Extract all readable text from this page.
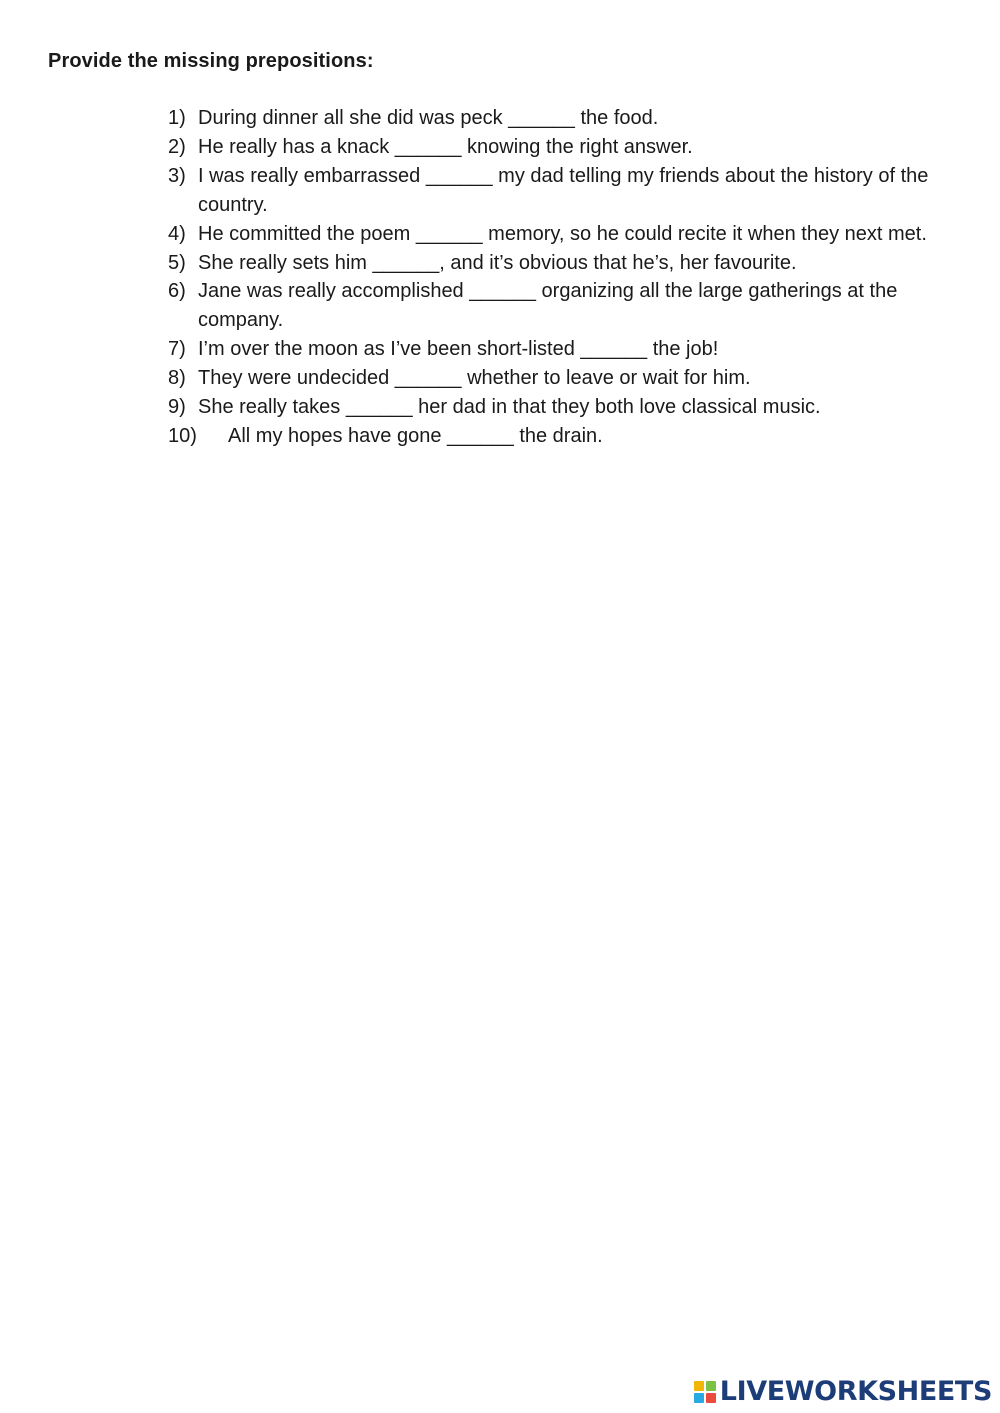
Provide the missing prepositions:
1) During dinner all she did was peck ______ the food.
2) He really has a knack ______ knowing the right answer.
3) I was really embarrassed ______ my dad telling my friends about the history of the country.
4) He committed the poem ______ memory, so he could recite it when they next met.
5) She really sets him ______, and it’s obvious that he’s, her favourite.
6) Jane was really accomplished ______ organizing all the large gatherings at the company.
7) I’m over the moon as I’ve been short-listed ______ the job!
8) They were undecided ______ whether to leave or wait for him.
9) She really takes ______ her dad in that they both love classical music.
10)	All my hopes have gone ______ the drain.
LIVEWORKSHEETS
